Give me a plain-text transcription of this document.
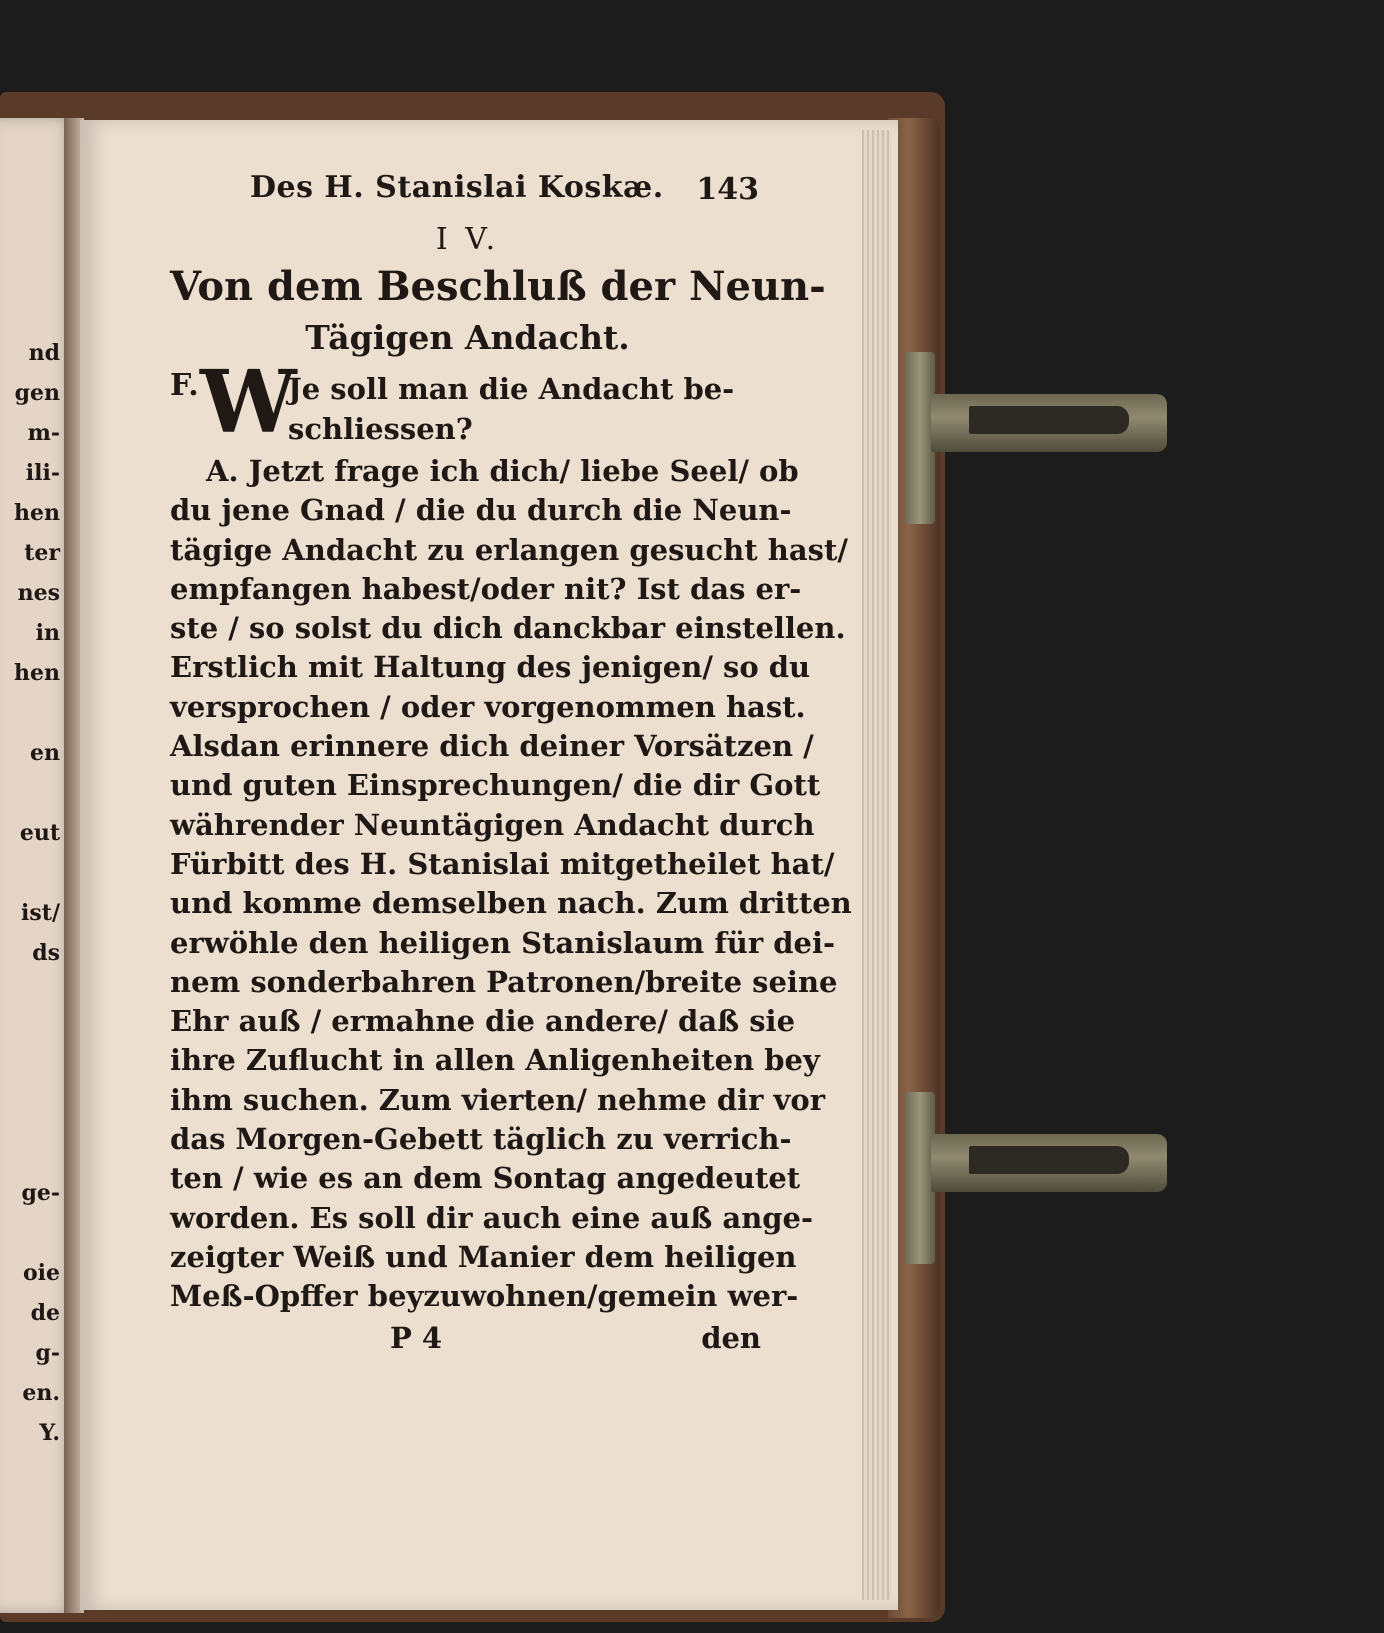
nd
gen
m-
ili-
hen
ter
nes
in
hen
en
eut
ist/
ds
ge-
oie
de
g-
en.
Y.
Des H. Stanislai Koskæ. 143
I V.
Von dem Beschluß der Neun-
Tägigen Andacht.
F. W
Je soll man die Andacht be-
schliessen?
A. Jetzt frage ich dich/ liebe Seel/ ob
du jene Gnad / die du durch die Neun-
tägige Andacht zu erlangen gesucht hast/
empfangen habest/oder nit? Ist das er-
ste / so solst du dich danckbar einstellen.
Erstlich mit Haltung des jenigen/ so du
versprochen / oder vorgenommen hast.
Alsdan erinnere dich deiner Vorsätzen /
und guten Einsprechungen/ die dir Gott
währender Neuntägigen Andacht durch
Fürbitt des H. Stanislai mitgetheilet hat/
und komme demselben nach. Zum dritten
erwöhle den heiligen Stanislaum für dei-
nem sonderbahren Patronen/breite seine
Ehr auß / ermahne die andere/ daß sie
ihre Zuflucht in allen Anligenheiten bey
ihm suchen. Zum vierten/ nehme dir vor
das Morgen-Gebett täglich zu verrich-
ten / wie es an dem Sontag angedeutet
worden. Es soll dir auch eine auß ange-
zeigter Weiß und Manier dem heiligen
Meß-Opffer beyzuwohnen/gemein wer-
P 4	den
